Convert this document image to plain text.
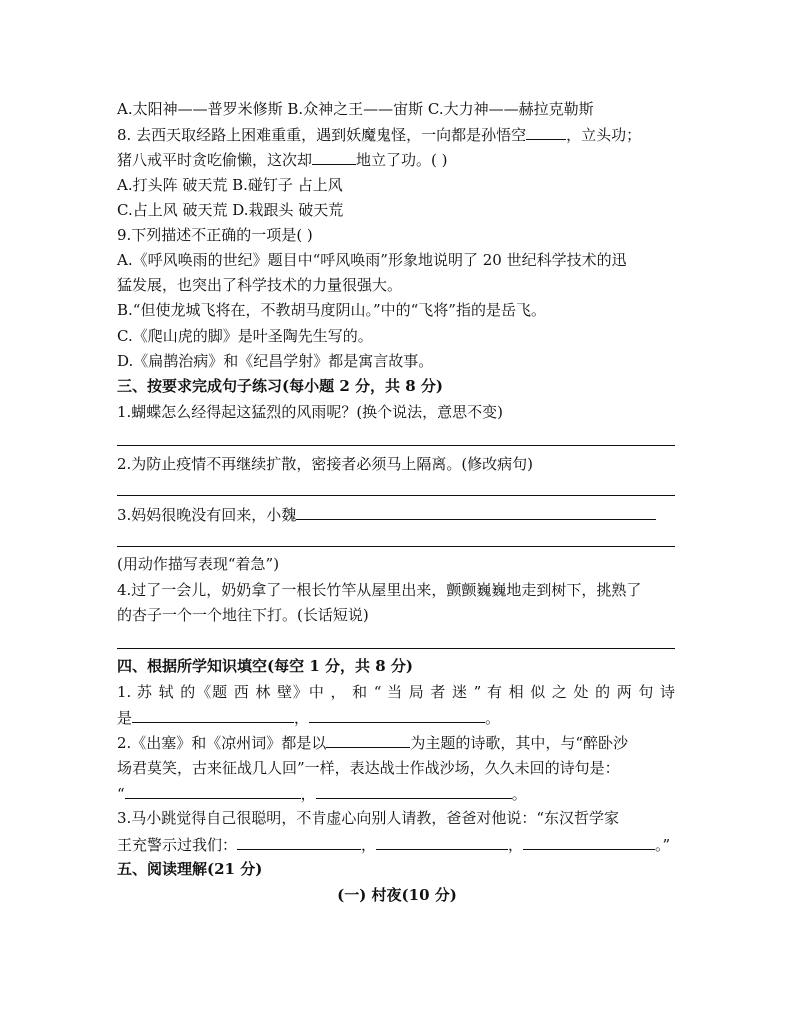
A.太阳神——普罗米修斯 B.众神之王——宙斯 C.大力神——赫拉克勒斯
8. 去西天取经路上困难重重，遇到妖魔鬼怪，一向都是孙悟空	，立头功；
猪八戒平时贪吃偷懒，这次却	地立了功。( )
A.打头阵 破天荒 B.碰钉子 占上风
C.占上风 破天荒 D.栽跟头 破天荒
9.下列描述不正确的一项是( )
A.《呼风唤雨的世纪》题目中“呼风唤雨”形象地说明了 20 世纪科学技术的迅
猛发展，也突出了科学技术的力量很强大。
B.“但使龙城飞将在，不教胡马度阴山。”中的“飞将”指的是岳飞。
C.《爬山虎的脚》是叶圣陶先生写的。
D.《扁鹊治病》和《纪昌学射》都是寓言故事。
三、按要求完成句子练习(每小题 2 分，共 8 分)
1.蝴蝶怎么经得起这猛烈的风雨呢？(换个说法，意思不变)
2.为防止疫情不再继续扩散，密接者必须马上隔离。(修改病句)
3.妈妈很晚没有回来，小魏
(用动作描写表现“着急”)
4.过了一会儿，奶奶拿了一根长竹竿从屋里出来，颤颤巍巍地走到树下，挑熟了
的杏子一个一个地往下打。(长话短说)
四、根据所学知识填空(每空 1 分，共 8 分)
1. 苏 轼 的《题 西 林 壁》中 ， 和 “ 当 局 者 迷 ” 有 相 似 之 处 的 两 句 诗
是	，	。
2.《出塞》和《凉州词》都是以	为主题的诗歌，其中，与“醉卧沙
场君莫笑，古来征战几人回”一样，表达战士作战沙场，久久未回的诗句是：
“	，	。
3.马小跳觉得自己很聪明，不肯虚心向别人请教，爸爸对他说：“东汉哲学家
王充警示过我们：	，	，	。”
五、阅读理解(21 分)
(一) 村夜(10 分)
